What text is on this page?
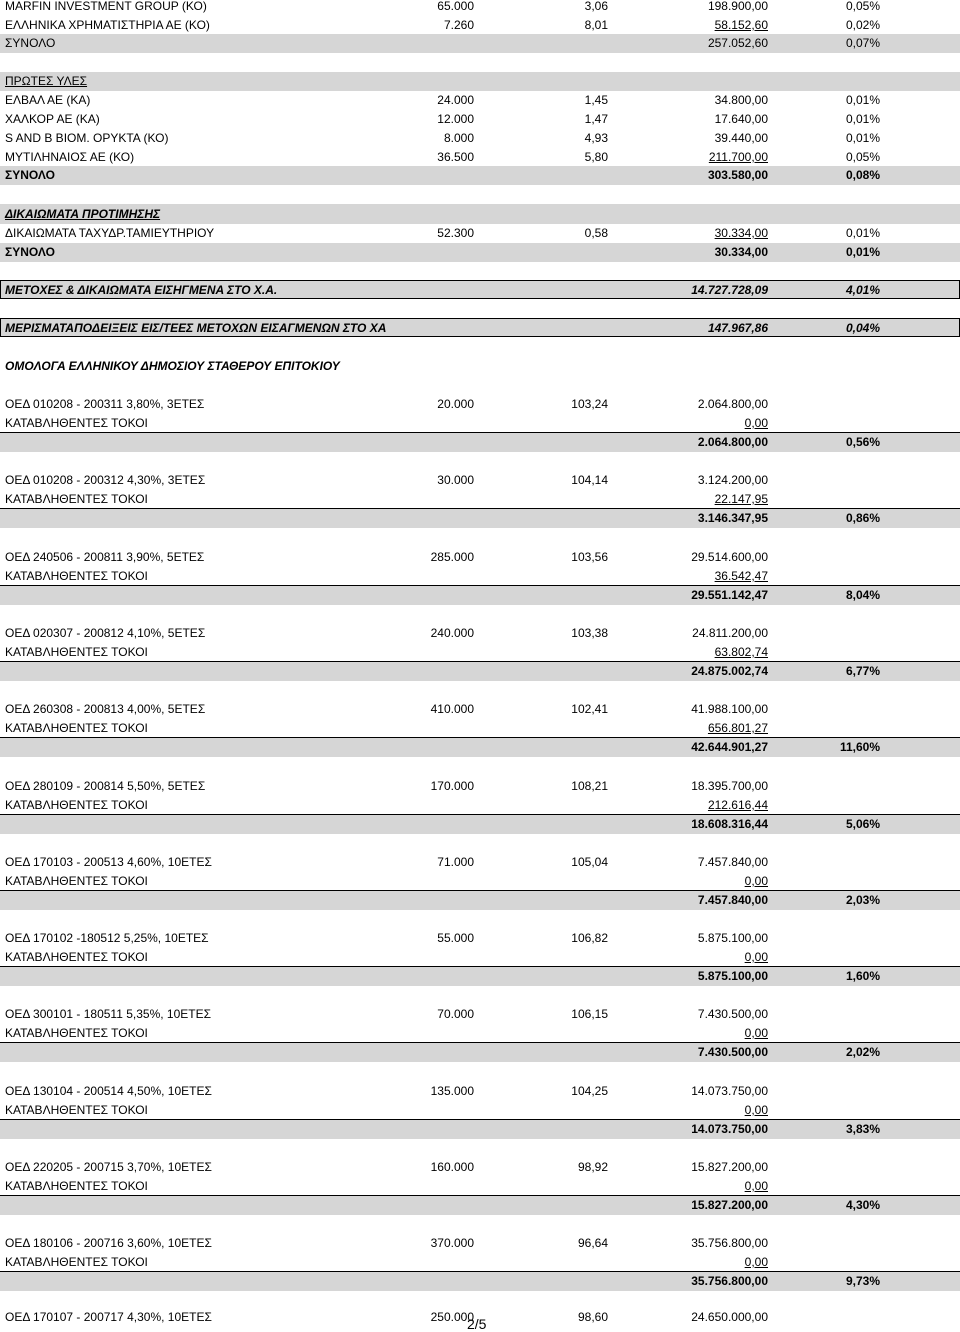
MARFIN INVESTMENT GROUP (ΚΟ)	65.000	3,06	198.900,00	0,05%
ΕΛΛΗΝΙΚΑ ΧΡΗΜΑΤΙΣΤΗΡΙΑ ΑΕ (ΚΟ)	7.260	8,01	58.152,60	0,02%
ΣΥΝΟΛΟ	257.052,60	0,07%
ΠΡΩΤΕΣ ΥΛΕΣ
ΕΛΒΑΛ ΑΕ (ΚΑ)	24.000	1,45	34.800,00	0,01%
ΧΑΛΚΟΡ ΑΕ (ΚΑ)	12.000	1,47	17.640,00	0,01%
S AND B ΒΙΟΜ. ΟΡΥΚΤΑ (ΚΟ)	8.000	4,93	39.440,00	0,01%
ΜΥΤΙΛΗΝΑΙΟΣ ΑΕ (ΚΟ)	36.500	5,80	211.700,00	0,05%
ΣΥΝΟΛΟ	303.580,00	0,08%
ΔΙΚΑΙΩΜΑΤΑ ΠΡΟΤΙΜΗΣΗΣ
ΔΙΚΑΙΩΜΑΤΑ ΤΑΧΥΔΡ.ΤΑΜΙΕΥΤΗΡΙΟΥ	52.300	0,58	30.334,00	0,01%
ΣΥΝΟΛΟ	30.334,00	0,01%
ΜΕΤΟΧΕΣ & ΔΙΚΑΙΩΜΑΤΑ ΕΙΣΗΓΜΕΝΑ ΣΤΟ Χ.Α.	14.727.728,09	4,01%
ΜΕΡΙΣΜΑΤΑΠΟΔΕΙΞΕΙΣ ΕΙΣ/ΤΕΕΣ ΜΕΤΟΧΩΝ ΕΙΣΑΓΜΕΝΩΝ ΣΤΟ ΧΑ	147.967,86	0,04%
ΟΜΟΛΟΓΑ ΕΛΛΗΝΙΚΟΥ ΔΗΜΟΣΙΟΥ ΣΤΑΘΕΡΟΥ ΕΠΙΤΟΚΙΟΥ
ΟΕΔ 010208 - 200311 3,80%, 3ΕΤΕΣ	20.000	103,24	2.064.800,00
ΚΑΤΑΒΛΗΘΕΝΤΕΣ ΤΟΚΟΙ	0,00
2.064.800,00	0,56%
ΟΕΔ 010208 - 200312 4,30%, 3ΕΤΕΣ	30.000	104,14	3.124.200,00
ΚΑΤΑΒΛΗΘΕΝΤΕΣ ΤΟΚΟΙ	22.147,95
3.146.347,95	0,86%
ΟΕΔ 240506 - 200811 3,90%, 5ΕΤΕΣ	285.000	103,56	29.514.600,00
ΚΑΤΑΒΛΗΘΕΝΤΕΣ ΤΟΚΟΙ	36.542,47
29.551.142,47	8,04%
ΟΕΔ 020307 - 200812 4,10%, 5ΕΤΕΣ	240.000	103,38	24.811.200,00
ΚΑΤΑΒΛΗΘΕΝΤΕΣ ΤΟΚΟΙ	63.802,74
24.875.002,74	6,77%
ΟΕΔ 260308 - 200813 4,00%, 5ΕΤΕΣ	410.000	102,41	41.988.100,00
ΚΑΤΑΒΛΗΘΕΝΤΕΣ ΤΟΚΟΙ	656.801,27
42.644.901,27	11,60%
ΟΕΔ 280109 - 200814 5,50%, 5ΕΤΕΣ	170.000	108,21	18.395.700,00
ΚΑΤΑΒΛΗΘΕΝΤΕΣ ΤΟΚΟΙ	212.616,44
18.608.316,44	5,06%
ΟΕΔ 170103 - 200513 4,60%, 10ΕΤΕΣ	71.000	105,04	7.457.840,00
ΚΑΤΑΒΛΗΘΕΝΤΕΣ ΤΟΚΟΙ	0,00
7.457.840,00	2,03%
ΟΕΔ 170102 -180512 5,25%, 10ΕΤΕΣ	55.000	106,82	5.875.100,00
ΚΑΤΑΒΛΗΘΕΝΤΕΣ ΤΟΚΟΙ	0,00
5.875.100,00	1,60%
ΟΕΔ 300101 - 180511 5,35%, 10ΕΤΕΣ	70.000	106,15	7.430.500,00
ΚΑΤΑΒΛΗΘΕΝΤΕΣ ΤΟΚΟΙ	0,00
7.430.500,00	2,02%
ΟΕΔ 130104 - 200514 4,50%, 10ΕΤΕΣ	135.000	104,25	14.073.750,00
ΚΑΤΑΒΛΗΘΕΝΤΕΣ ΤΟΚΟΙ	0,00
14.073.750,00	3,83%
ΟΕΔ 220205 - 200715 3,70%, 10ΕΤΕΣ	160.000	98,92	15.827.200,00
ΚΑΤΑΒΛΗΘΕΝΤΕΣ ΤΟΚΟΙ	0,00
15.827.200,00	4,30%
ΟΕΔ 180106 - 200716 3,60%, 10ΕΤΕΣ	370.000	96,64	35.756.800,00
ΚΑΤΑΒΛΗΘΕΝΤΕΣ ΤΟΚΟΙ	0,00
35.756.800,00	9,73%
ΟΕΔ 170107 - 200717 4,30%, 10ΕΤΕΣ	250.000	98,60	24.650.000,00
2/5
